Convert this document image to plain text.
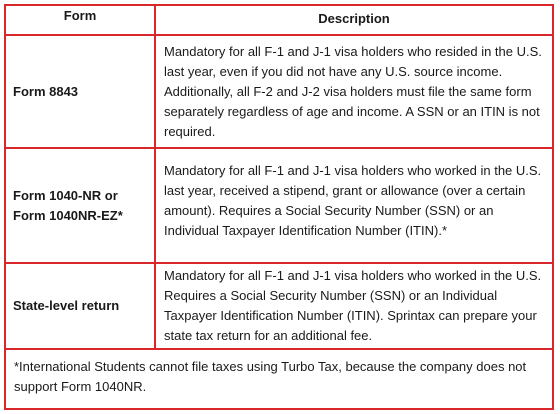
Form	Description
Form 8843

Mandatory for all F-1 and J-1 visa holders who resided in the U.S. last year, even if you did not have any U.S. source income. Additionally, all F-2 and J-2 visa holders must file the same form separately regardless of age and income. A SSN or an ITIN is not required.

Form 1040-NR or
Form 1040NR-EZ*

Mandatory for all F-1 and J-1 visa holders who worked in the U.S. last year, received a stipend, grant or allowance (over a certain amount). Requires a Social Security Number (SSN) or an Individual Taxpayer Identification Number (ITIN).*

State-level return

Mandatory for all F-1 and J-1 visa holders who worked in the U.S. Requires a Social Security Number (SSN) or an Individual Taxpayer Identification Number (ITIN). Sprintax can prepare your state tax return for an additional fee.

*International Students cannot file taxes using Turbo Tax, because the company does not support Form 1040NR.
